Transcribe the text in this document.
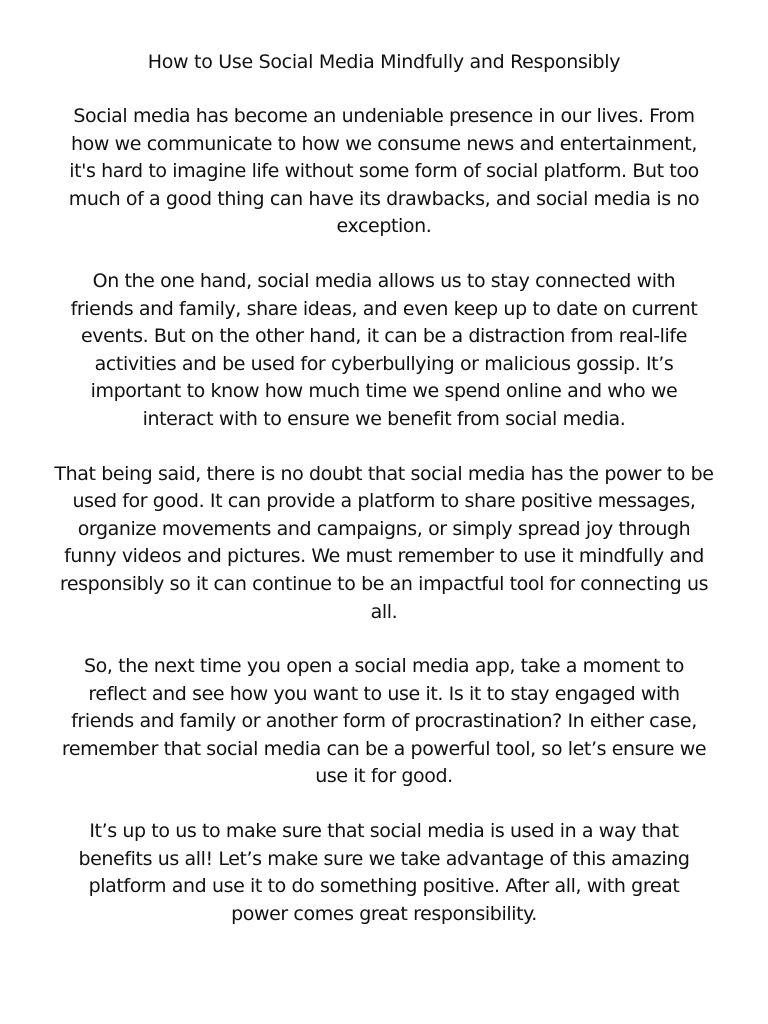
How to Use Social Media Mindfully and Responsibly

Social media has become an undeniable presence in our lives. From how we communicate to how we consume news and entertainment, it's hard to imagine life without some form of social platform. But too much of a good thing can have its drawbacks, and social media is no exception.

On the one hand, social media allows us to stay connected with friends and family, share ideas, and even keep up to date on current events. But on the other hand, it can be a distraction from real-life activities and be used for cyberbullying or malicious gossip. It’s important to know how much time we spend online and who we interact with to ensure we benefit from social media.

That being said, there is no doubt that social media has the power to be used for good. It can provide a platform to share positive messages, organize movements and campaigns, or simply spread joy through funny videos and pictures. We must remember to use it mindfully and responsibly so it can continue to be an impactful tool for connecting us all.

So, the next time you open a social media app, take a moment to reflect and see how you want to use it. Is it to stay engaged with friends and family or another form of procrastination? In either case, remember that social media can be a powerful tool, so let’s ensure we use it for good.

It’s up to us to make sure that social media is used in a way that benefits us all! Let’s make sure we take advantage of this amazing platform and use it to do something positive. After all, with great power comes great responsibility.
